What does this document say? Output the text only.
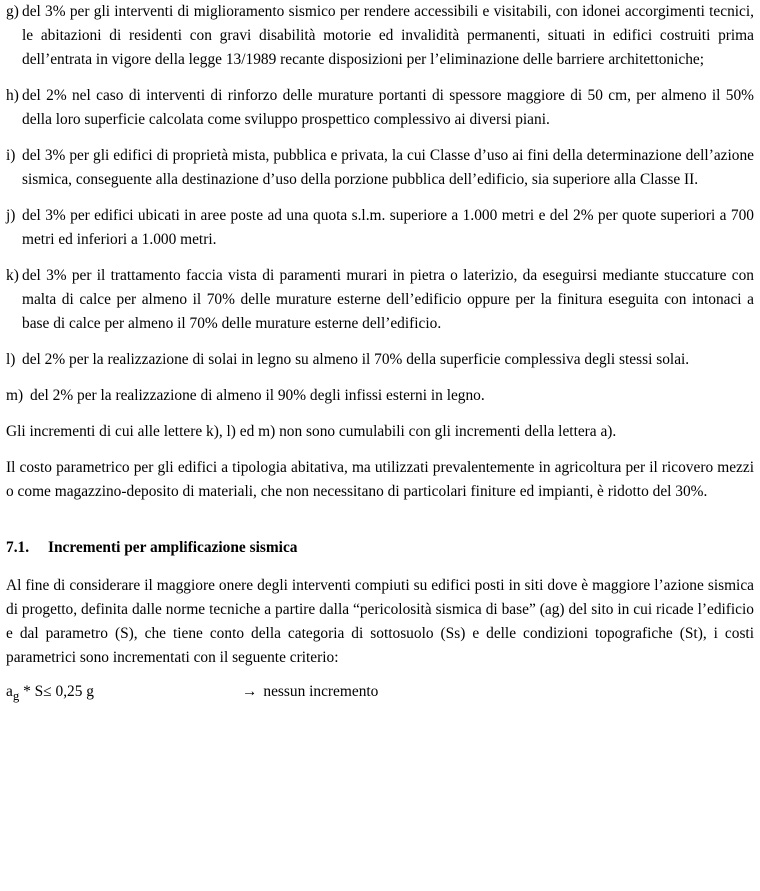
g) del 3% per gli interventi di miglioramento sismico per rendere accessibili e visitabili, con idonei accorgimenti tecnici, le abitazioni di residenti con gravi disabilità motorie ed invalidità permanenti, situati in edifici costruiti prima dell’entrata in vigore della legge 13/1989 recante disposizioni per l’eliminazione delle barriere architettoniche;
h) del 2% nel caso di interventi di rinforzo delle murature portanti di spessore maggiore di 50 cm, per almeno il 50% della loro superficie calcolata come sviluppo prospettico complessivo ai diversi piani.
i) del 3% per gli edifici di proprietà mista, pubblica e privata, la cui Classe d’uso ai fini della determinazione dell’azione sismica, conseguente alla destinazione d’uso della porzione pubblica dell’edificio, sia superiore alla Classe II.
j) del 3% per edifici ubicati in aree poste ad una quota s.l.m. superiore a 1.000 metri e del 2% per quote superiori a 700 metri ed inferiori a 1.000 metri.
k) del 3% per il trattamento faccia vista di paramenti murari in pietra o laterizio, da eseguirsi mediante stuccature con malta di calce per almeno il 70% delle murature esterne dell’edificio oppure per la finitura eseguita con intonaci a base di calce per almeno il 70% delle murature esterne dell’edificio.
l) del 2% per la realizzazione di solai in legno su almeno il 70% della superficie complessiva degli stessi solai.
m) del 2% per la realizzazione di almeno il 90% degli infissi esterni in legno.

Gli incrementi di cui alle lettere k), l) ed m) non sono cumulabili con gli incrementi della lettera a).

Il costo parametrico per gli edifici a tipologia abitativa, ma utilizzati prevalentemente in agricoltura per il ricovero mezzi o come magazzino-deposito di materiali, che non necessitano di particolari finiture ed impianti, è ridotto del 30%.

7.1. Incrementi per amplificazione sismica

Al fine di considerare il maggiore onere degli interventi compiuti su edifici posti in siti dove è maggiore l’azione sismica di progetto, definita dalle norme tecniche a partire dalla “pericolosità sismica di base” (ag) del sito in cui ricade l’edificio e dal parametro (S), che tiene conto della categoria di sottosuolo (Ss) e delle condizioni topografiche (St), i costi parametrici sono incrementati con il seguente criterio:

$a_g * S\le 0,25$ g	→ nessun incremento
